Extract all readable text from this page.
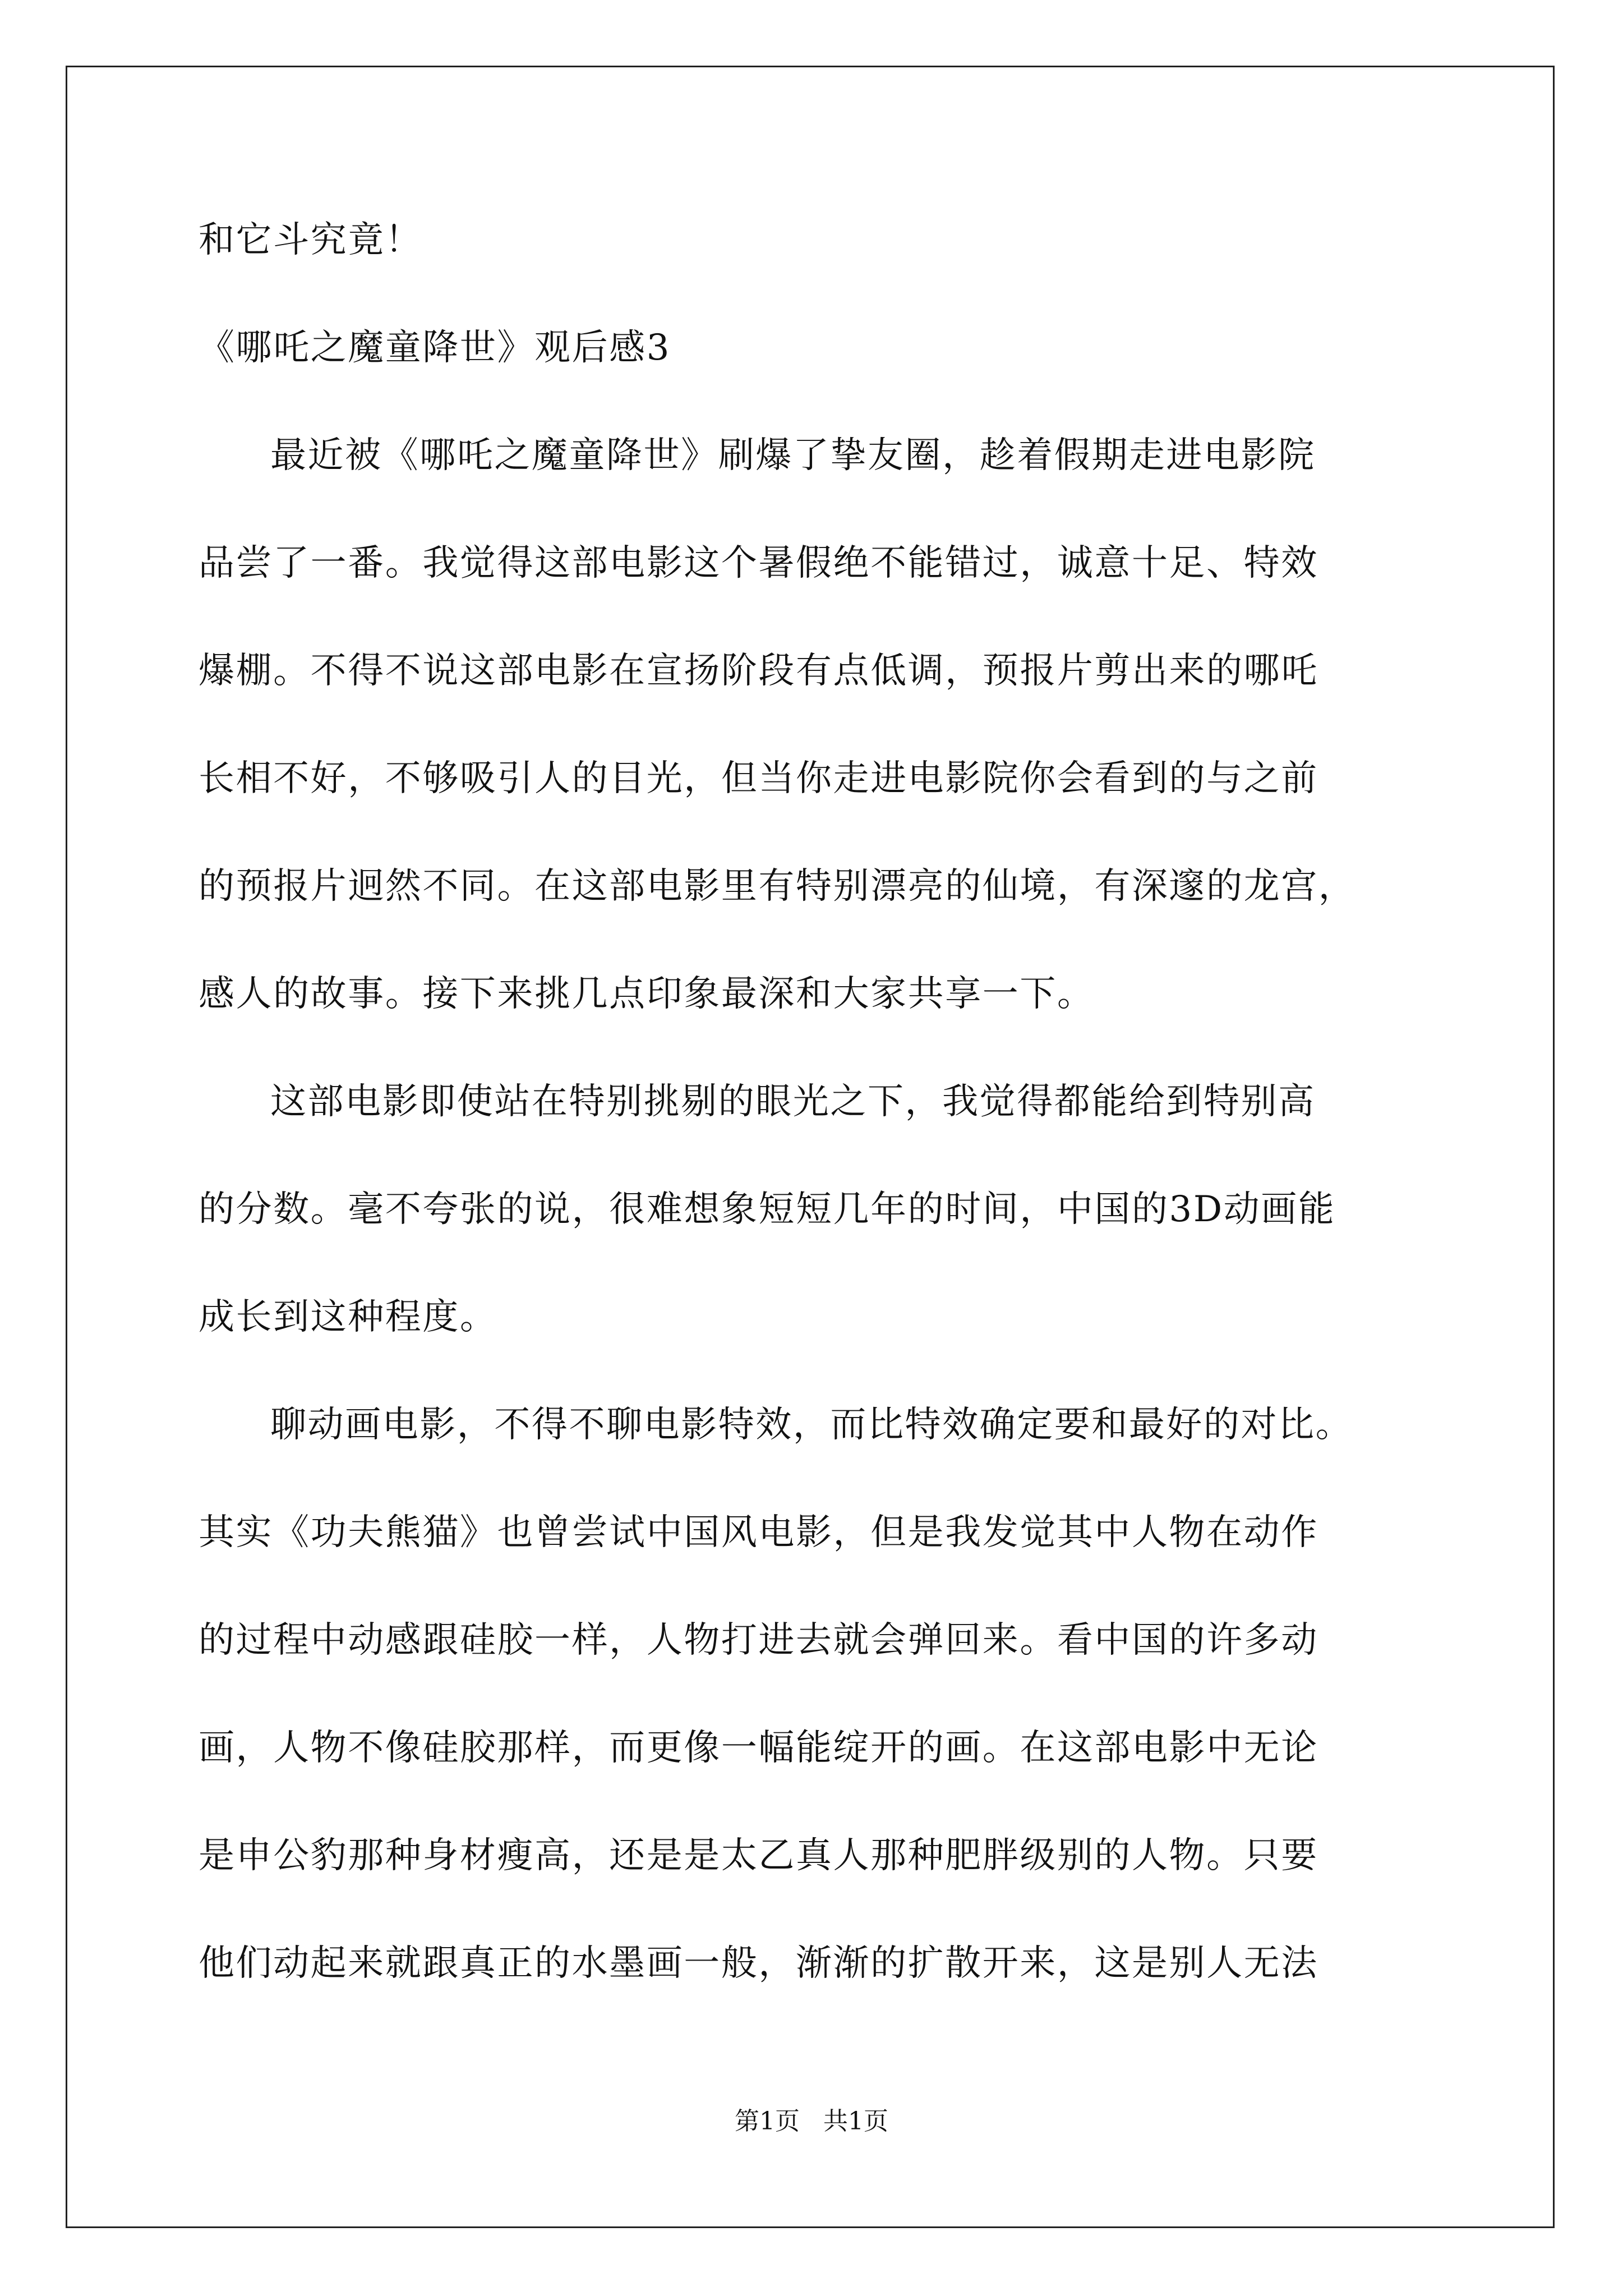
和它斗究竟！
《哪吒之魔童降世》观后感3
最近被《哪吒之魔童降世》刷爆了挚友圈，趁着假期走进电影院
品尝了一番。我觉得这部电影这个暑假绝不能错过，诚意十足、特效
爆棚。不得不说这部电影在宣扬阶段有点低调，预报片剪出来的哪吒
长相不好，不够吸引人的目光，但当你走进电影院你会看到的与之前
的预报片迥然不同。在这部电影里有特别漂亮的仙境，有深邃的龙宫，
感人的故事。接下来挑几点印象最深和大家共享一下。
这部电影即使站在特别挑剔的眼光之下，我觉得都能给到特别高
的分数。毫不夸张的说，很难想象短短几年的时间，中国的3D动画能
成长到这种程度。
聊动画电影，不得不聊电影特效，而比特效确定要和最好的对比。
其实《功夫熊猫》也曾尝试中国风电影，但是我发觉其中人物在动作
的过程中动感跟硅胶一样，人物打进去就会弹回来。看中国的许多动
画，人物不像硅胶那样，而更像一幅能绽开的画。在这部电影中无论
是申公豹那种身材瘦高，还是是太乙真人那种肥胖级别的人物。只要
他们动起来就跟真正的水墨画一般，渐渐的扩散开来，这是别人无法
第1页   共1页
